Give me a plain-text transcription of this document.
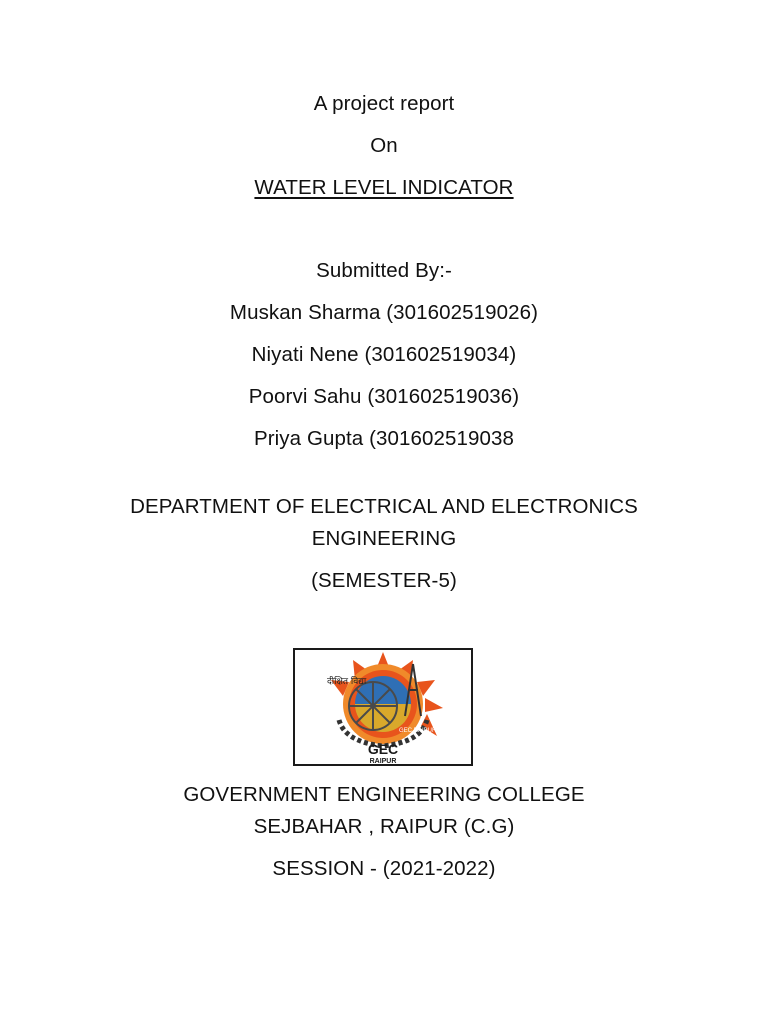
A project report
On
WATER LEVEL INDICATOR
Submitted By:-
Muskan Sharma (301602519026)
Niyati Nene (301602519034)
Poorvi Sahu (301602519036)
Priya Gupta (301602519038
DEPARTMENT OF ELECTRICAL AND ELECTRONICS
ENGINEERING
(SEMESTER-5)
दीक्षित विद्या
GEC RAIPUR
GEC
RAIPUR
GOVERNMENT ENGINEERING COLLEGE
SEJBAHAR , RAIPUR (C.G)
SESSION - (2021-2022)
